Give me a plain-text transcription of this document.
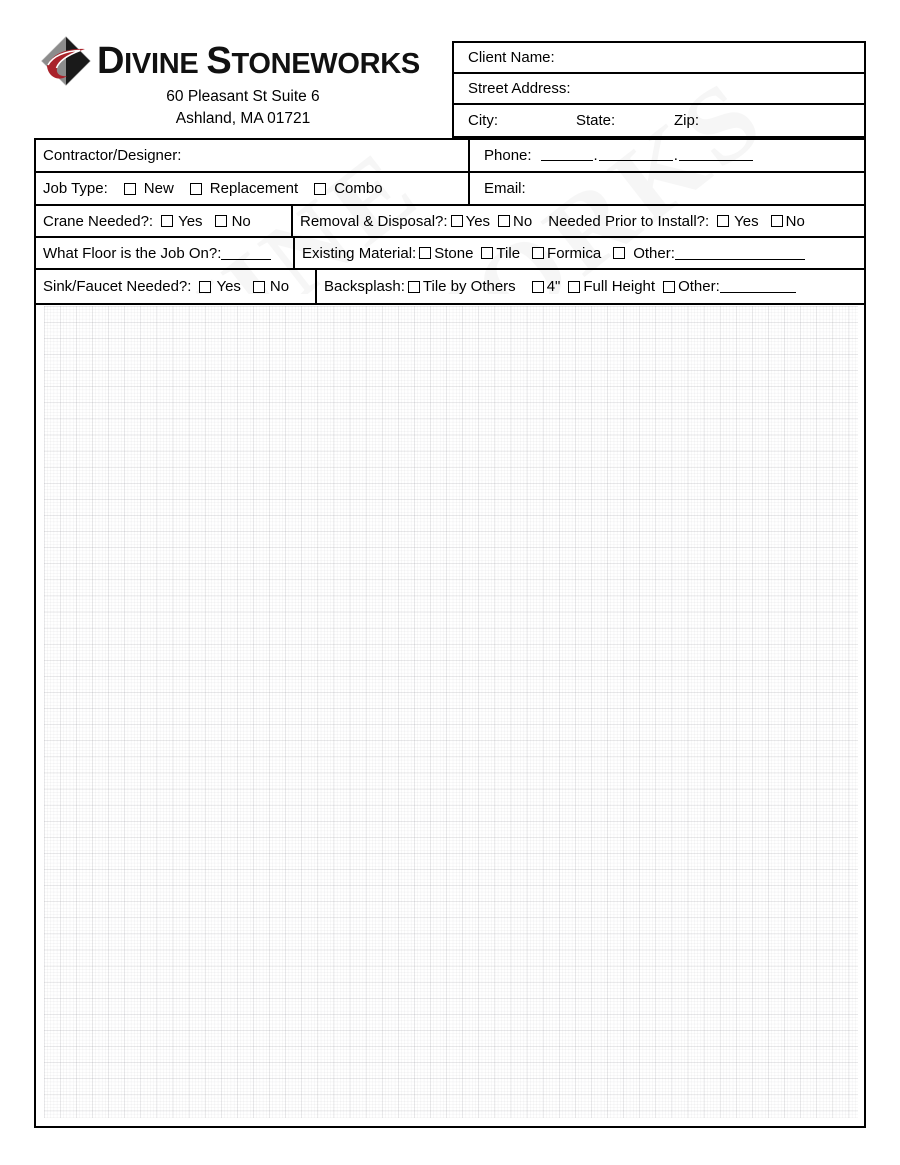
DIVINE STONEWORKS
60 Pleasant St Suite 6
Ashland, MA 01721
Client Name:
Street Address:
City:	State:	Zip:
Contractor/Designer:	Phone:	.	.
Job Type: New Replacement Combo	Email:
Crane Needed?: Yes No	Removal & Disposal?: Yes No Needed Prior to Install?: Yes No
What Floor is the Job On?:	Existing Material: Stone Tile Formica Other:
Sink/Faucet Needed?: Yes No Backsplash: Tile by Others 4" Full Height Other:
